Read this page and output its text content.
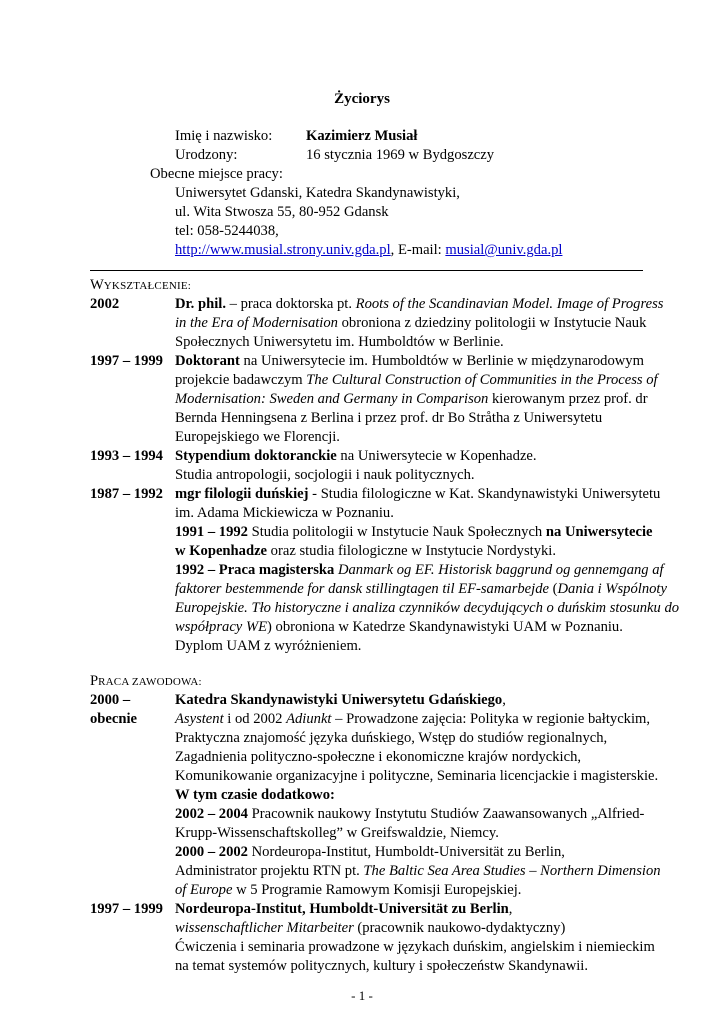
Życiorys
Imię i nazwisko: Kazimierz Musiał
Urodzony:	16 stycznia 1969 w Bydgoszczy
Obecne miejsce pracy:
Uniwersytet Gdanski, Katedra Skandynawistyki,
ul. Wita Stwosza 55, 80-952 Gdansk
tel: 058-5244038,
http://www.musial.strony.univ.gda.pl, E-mail: musial@univ.gda.pl
WYKSZTAŁCENIE:
2002	Dr. phil. – praca doktorska pt. Roots of the Scandinavian Model. Image of Progress
in the Era of Modernisation obroniona z dziedziny politologii w Instytucie Nauk
Społecznych Uniwersytetu im. Humboldtów w Berlinie.
1997 – 1999 Doktorant na Uniwersytecie im. Humboldtów w Berlinie w międzynarodowym
projekcie badawczym The Cultural Construction of Communities in the Process of
Modernisation: Sweden and Germany in Comparison kierowanym przez prof. dr
Bernda Henningsena z Berlina i przez prof. dr Bo Stråtha z Uniwersytetu
Europejskiego we Florencji.
1993 – 1994 Stypendium doktoranckie na Uniwersytecie w Kopenhadze.
Studia antropologii, socjologii i nauk politycznych.
1987 – 1992 mgr filologii duńskiej - Studia filologiczne w Kat. Skandynawistyki Uniwersytetu
im. Adama Mickiewicza w Poznaniu.
1991 – 1992 Studia politologii w Instytucie Nauk Społecznych na Uniwersytecie
w Kopenhadze oraz studia filologiczne w Instytucie Nordystyki.
1992 – Praca magisterska Danmark og EF. Historisk baggrund og gennemgang af
faktorer bestemmende for dansk stillingtagen til EF-samarbejde (Dania i Wspólnoty
Europejskie. Tło historyczne i analiza czynników decydujących o duńskim stosunku do
współpracy WE) obroniona w Katedrze Skandynawistyki UAM w Poznaniu.
Dyplom UAM z wyróżnieniem.
PRACA ZAWODOWA:
2000 –
obecnie
Katedra Skandynawistyki Uniwersytetu Gdańskiego,
Asystent i od 2002 Adiunkt – Prowadzone zajęcia: Polityka w regionie bałtyckim,
Praktyczna znajomość języka duńskiego, Wstęp do studiów regionalnych,
Zagadnienia polityczno-społeczne i ekonomiczne krajów nordyckich,
Komunikowanie organizacyjne i polityczne, Seminaria licencjackie i magisterskie.
W tym czasie dodatkowo:
2002 – 2004 Pracownik naukowy Instytutu Studiów Zaawansowanych „Alfried-
Krupp-Wissenschaftskolleg” w Greifswaldzie, Niemcy.
2000 – 2002 Nordeuropa-Institut, Humboldt-Universität zu Berlin,
Administrator projektu RTN pt. The Baltic Sea Area Studies – Northern Dimension
of Europe w 5 Programie Ramowym Komisji Europejskiej.
1997 – 1999 Nordeuropa-Institut, Humboldt-Universität zu Berlin,
wissenschaftlicher Mitarbeiter (pracownik naukowo-dydaktyczny)
Ćwiczenia i seminaria prowadzone w językach duńskim, angielskim i niemieckim
na temat systemów politycznych, kultury i społeczeństw Skandynawii.
- 1 -
